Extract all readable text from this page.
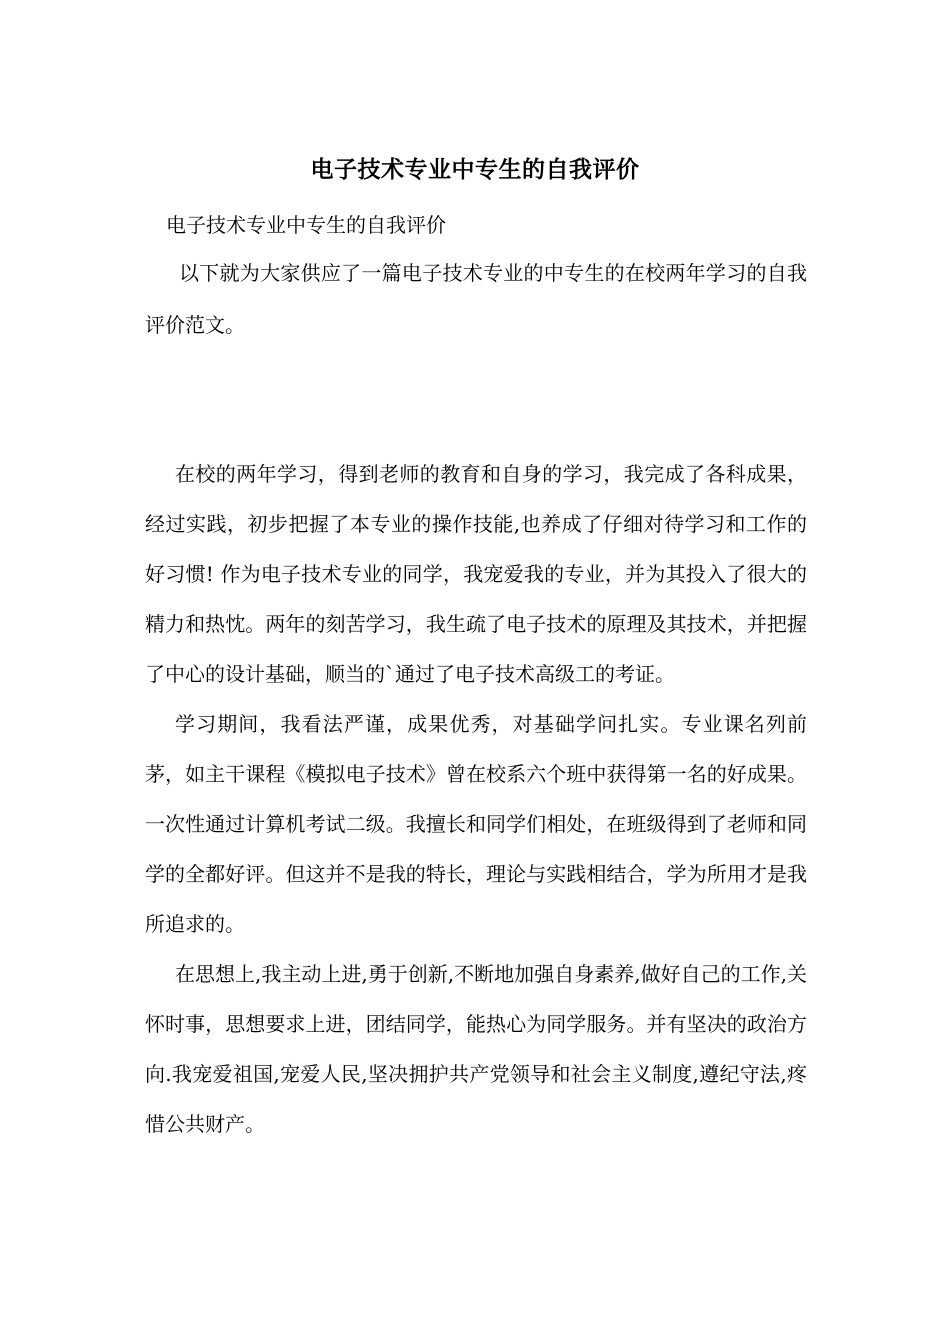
电子技术专业中专生的自我评价
电子技术专业中专生的自我评价

以下就为大家供应了一篇电子技术专业的中专生的在校两年学习的自我评价范文。

在校的两年学习，得到老师的教育和自身的学习，我完成了各科成果，经过实践，初步把握了本专业的操作技能,也养成了仔细对待学习和工作的好习惯! 作为电子技术专业的同学，我宠爱我的专业，并为其投入了很大的精力和热忱。两年的刻苦学习，我生疏了电子技术的原理及其技术，并把握了中心的设计基础，顺当的`通过了电子技术高级工的考证。

学习期间，我看法严谨，成果优秀，对基础学问扎实。专业课名列前茅，如主干课程《模拟电子技术》曾在校系六个班中获得第一名的好成果。一次性通过计算机考试二级。我擅长和同学们相处，在班级得到了老师和同学的全都好评。但这并不是我的特长，理论与实践相结合，学为所用才是我所追求的。

在思想上,我主动上进,勇于创新,不断地加强自身素养,做好自己的工作,关怀时事，思想要求上进，团结同学，能热心为同学服务。并有坚决的政治方向.我宠爱祖国,宠爱人民,坚决拥护共产党领导和社会主义制度,遵纪守法,疼惜公共财产。
